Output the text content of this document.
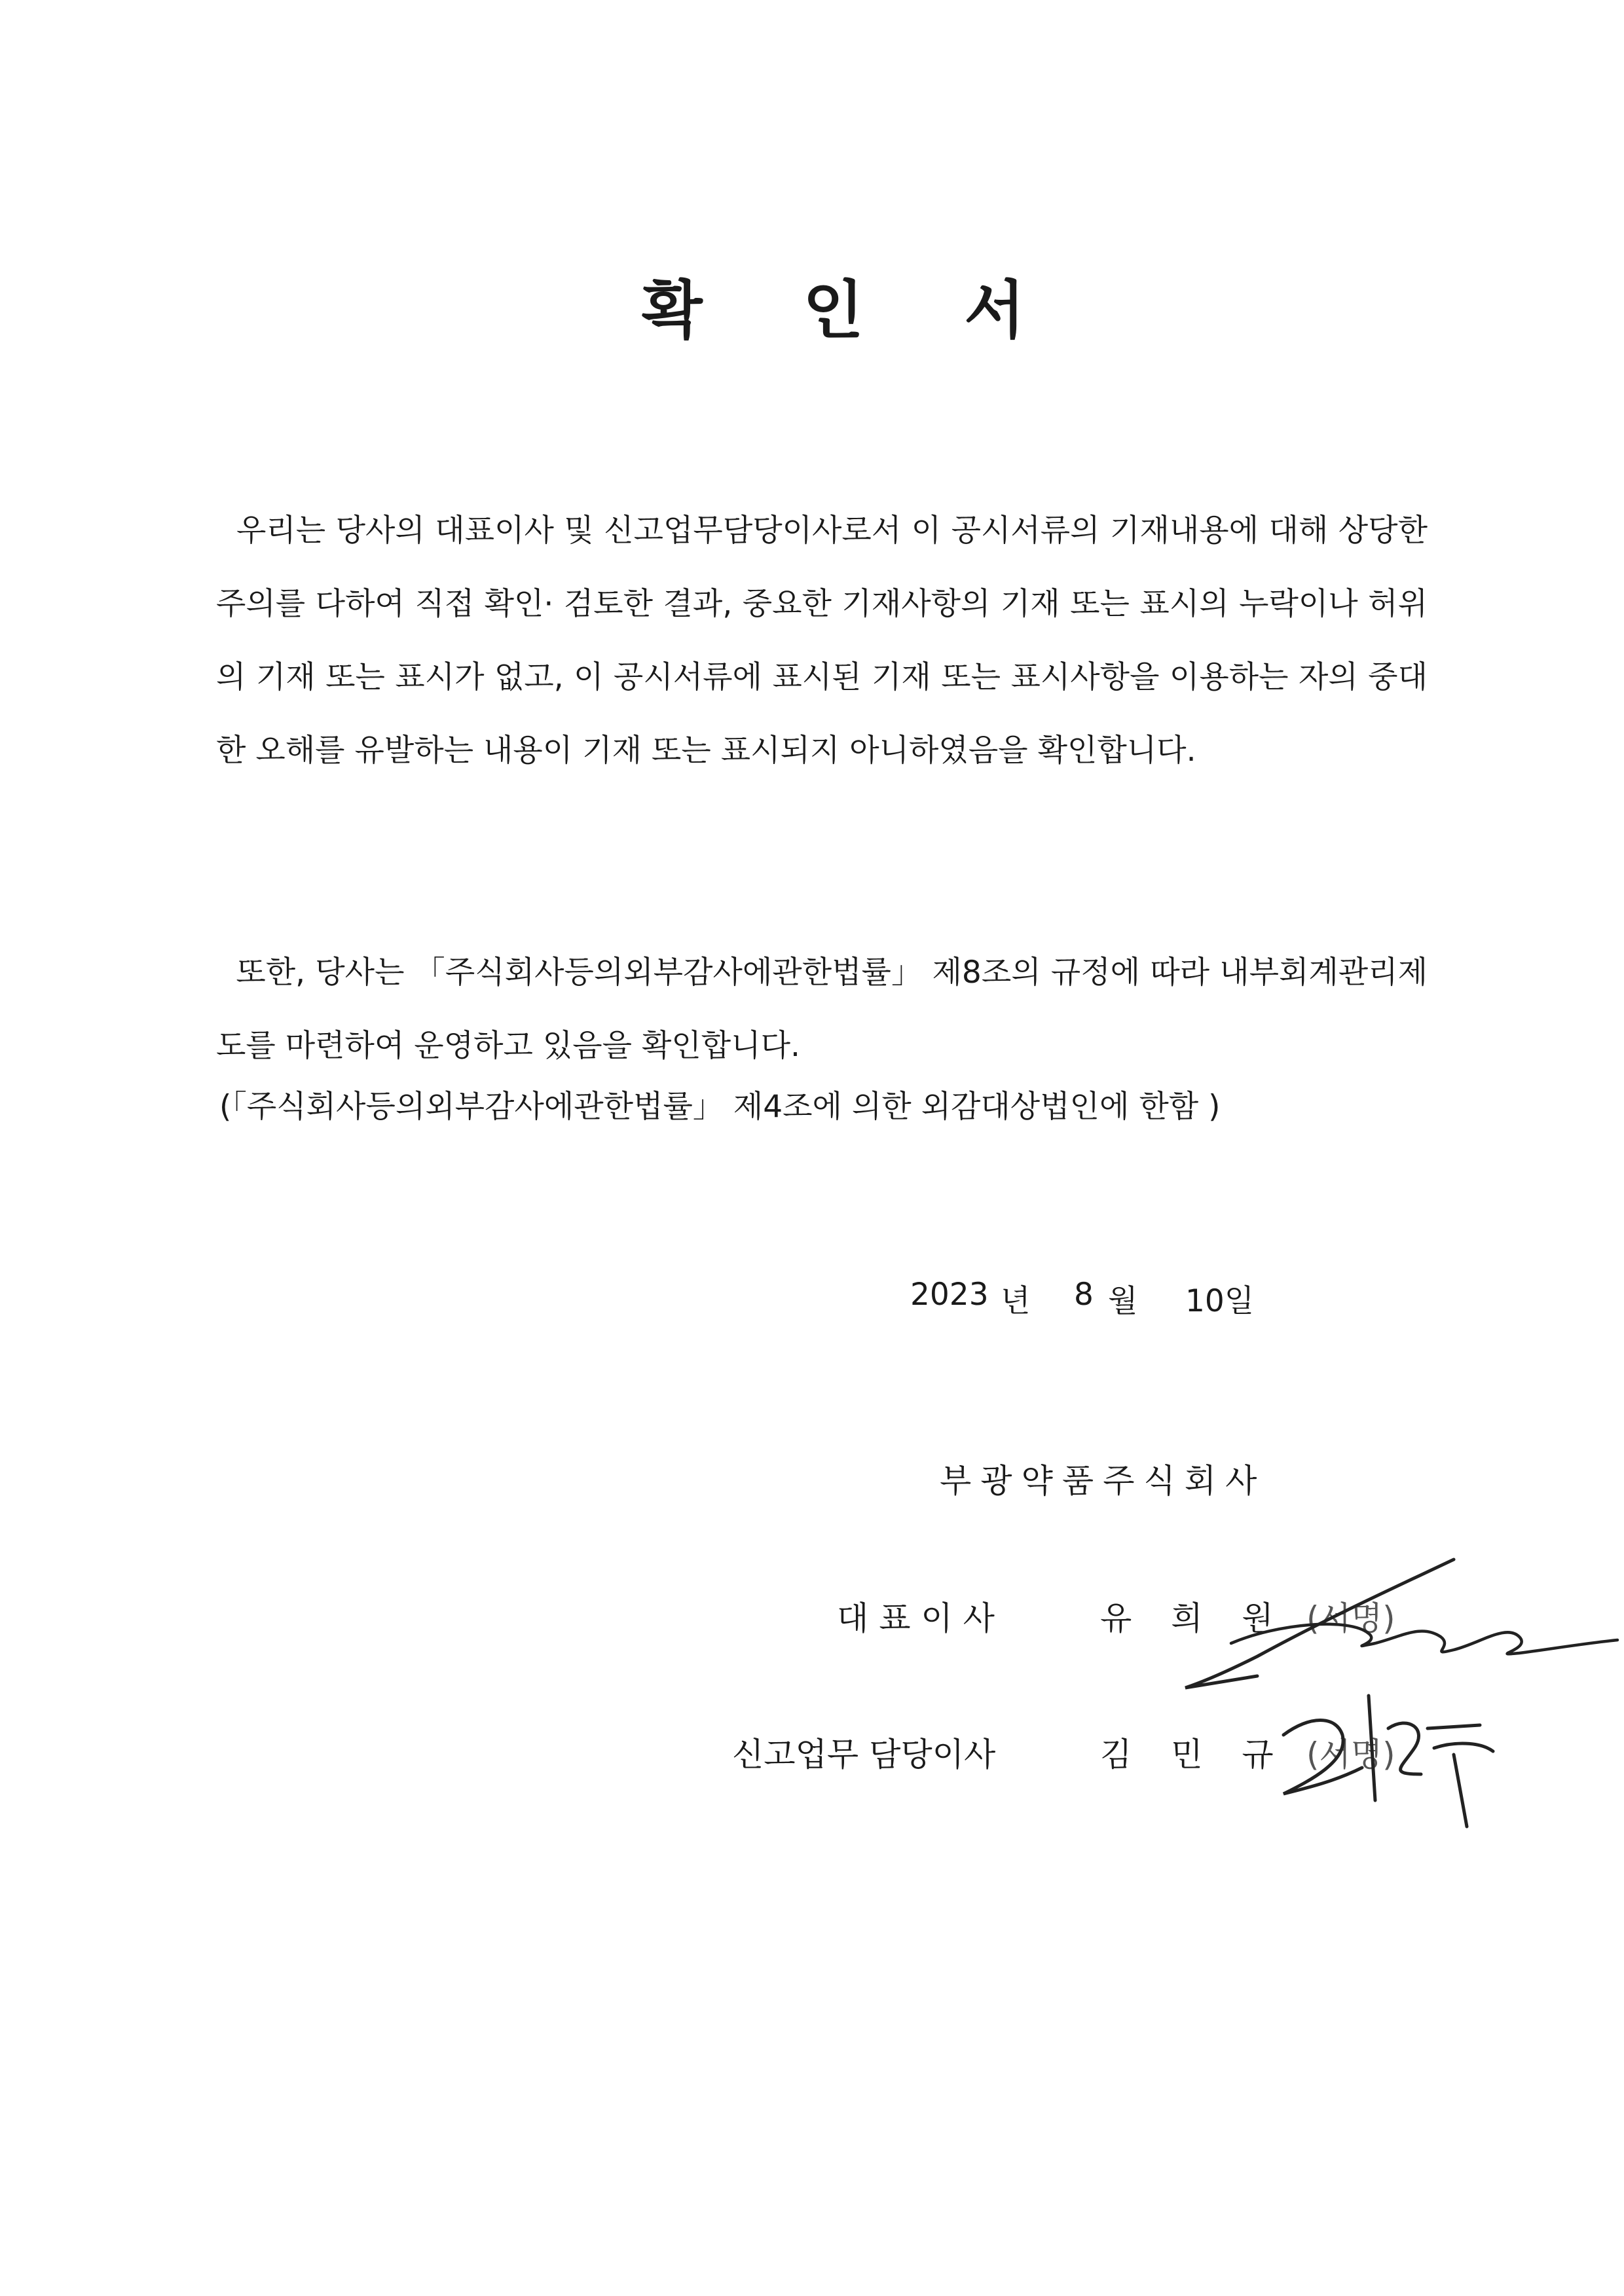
확 인 서

우리는 당사의 대표이사 및 신고업무담당이사로서 이 공시서류의 기재내용에 대해 상당한 주의를 다하여 직접 확인· 검토한 결과, 중요한 기재사항의 기재 또는 표시의 누락이나 허위의 기재 또는 표시가 없고, 이 공시서류에 표시된 기재 또는 표시사항을 이용하는 자의 중대한 오해를 유발하는 내용이 기재 또는 표시되지 아니하였음을 확인합니다.

또한, 당사는 「주식회사등의외부감사에관한법률」 제8조의 규정에 따라 내부회계관리제도를 마련하여 운영하고 있음을 확인합니다.

(「주식회사등의외부감사에관한법률」 제4조에 의한 외감대상법인에 한함 )
2023 년 8 월 10일
부광약품주식회사
대 표 이 사	유 희 원 (서명)
신고업무 담당이사	김 민 규 (서명)
